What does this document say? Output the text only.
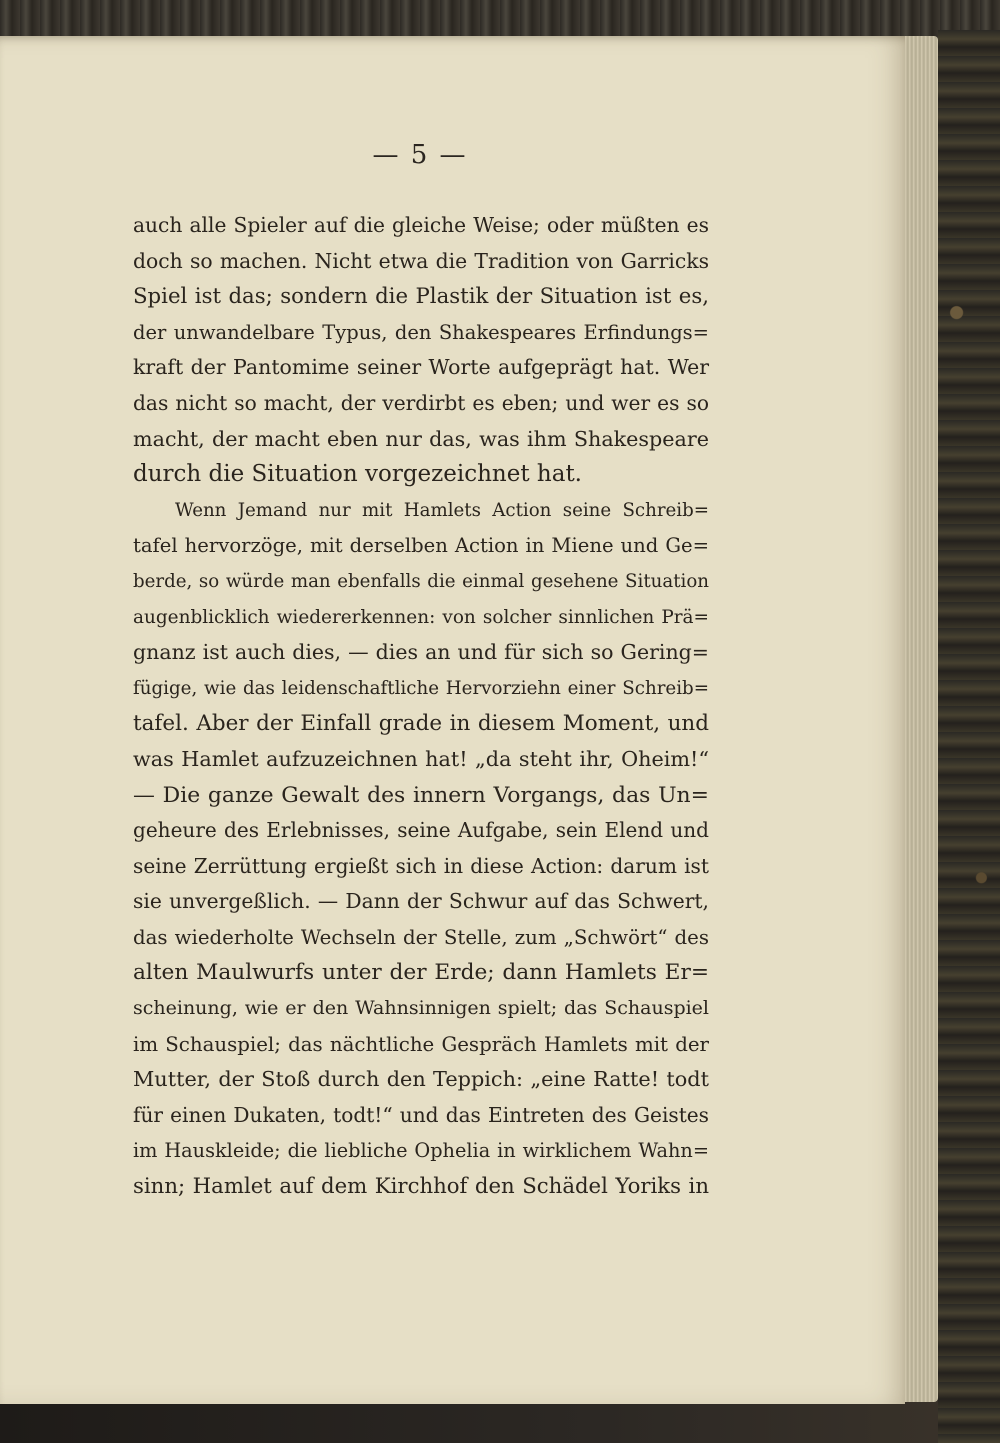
— 5 —
auch alle Spieler auf die gleiche Weise; oder müßten es
doch so machen. Nicht etwa die Tradition von Garricks
Spiel ist das; sondern die Plastik der Situation ist es,
der unwandelbare Typus, den Shakespeares Erfindungs=
kraft der Pantomime seiner Worte aufgeprägt hat. Wer
das nicht so macht, der verdirbt es eben; und wer es so
macht, der macht eben nur das, was ihm Shakespeare
durch die Situation vorgezeichnet hat.
Wenn Jemand nur mit Hamlets Action seine Schreib=
tafel hervorzöge, mit derselben Action in Miene und Ge=
berde, so würde man ebenfalls die einmal gesehene Situation
augenblicklich wiedererkennen: von solcher sinnlichen Prä=
gnanz ist auch dies, — dies an und für sich so Gering=
fügige, wie das leidenschaftliche Hervorziehn einer Schreib=
tafel. Aber der Einfall grade in diesem Moment, und
was Hamlet aufzuzeichnen hat! „da steht ihr, Oheim!“
— Die ganze Gewalt des innern Vorgangs, das Un=
geheure des Erlebnisses, seine Aufgabe, sein Elend und
seine Zerrüttung ergießt sich in diese Action: darum ist
sie unvergeßlich. — Dann der Schwur auf das Schwert,
das wiederholte Wechseln der Stelle, zum „Schwört“ des
alten Maulwurfs unter der Erde; dann Hamlets Er=
scheinung, wie er den Wahnsinnigen spielt; das Schauspiel
im Schauspiel; das nächtliche Gespräch Hamlets mit der
Mutter, der Stoß durch den Teppich: „eine Ratte! todt
für einen Dukaten, todt!“ und das Eintreten des Geistes
im Hauskleide; die liebliche Ophelia in wirklichem Wahn=
sinn; Hamlet auf dem Kirchhof den Schädel Yoriks in
